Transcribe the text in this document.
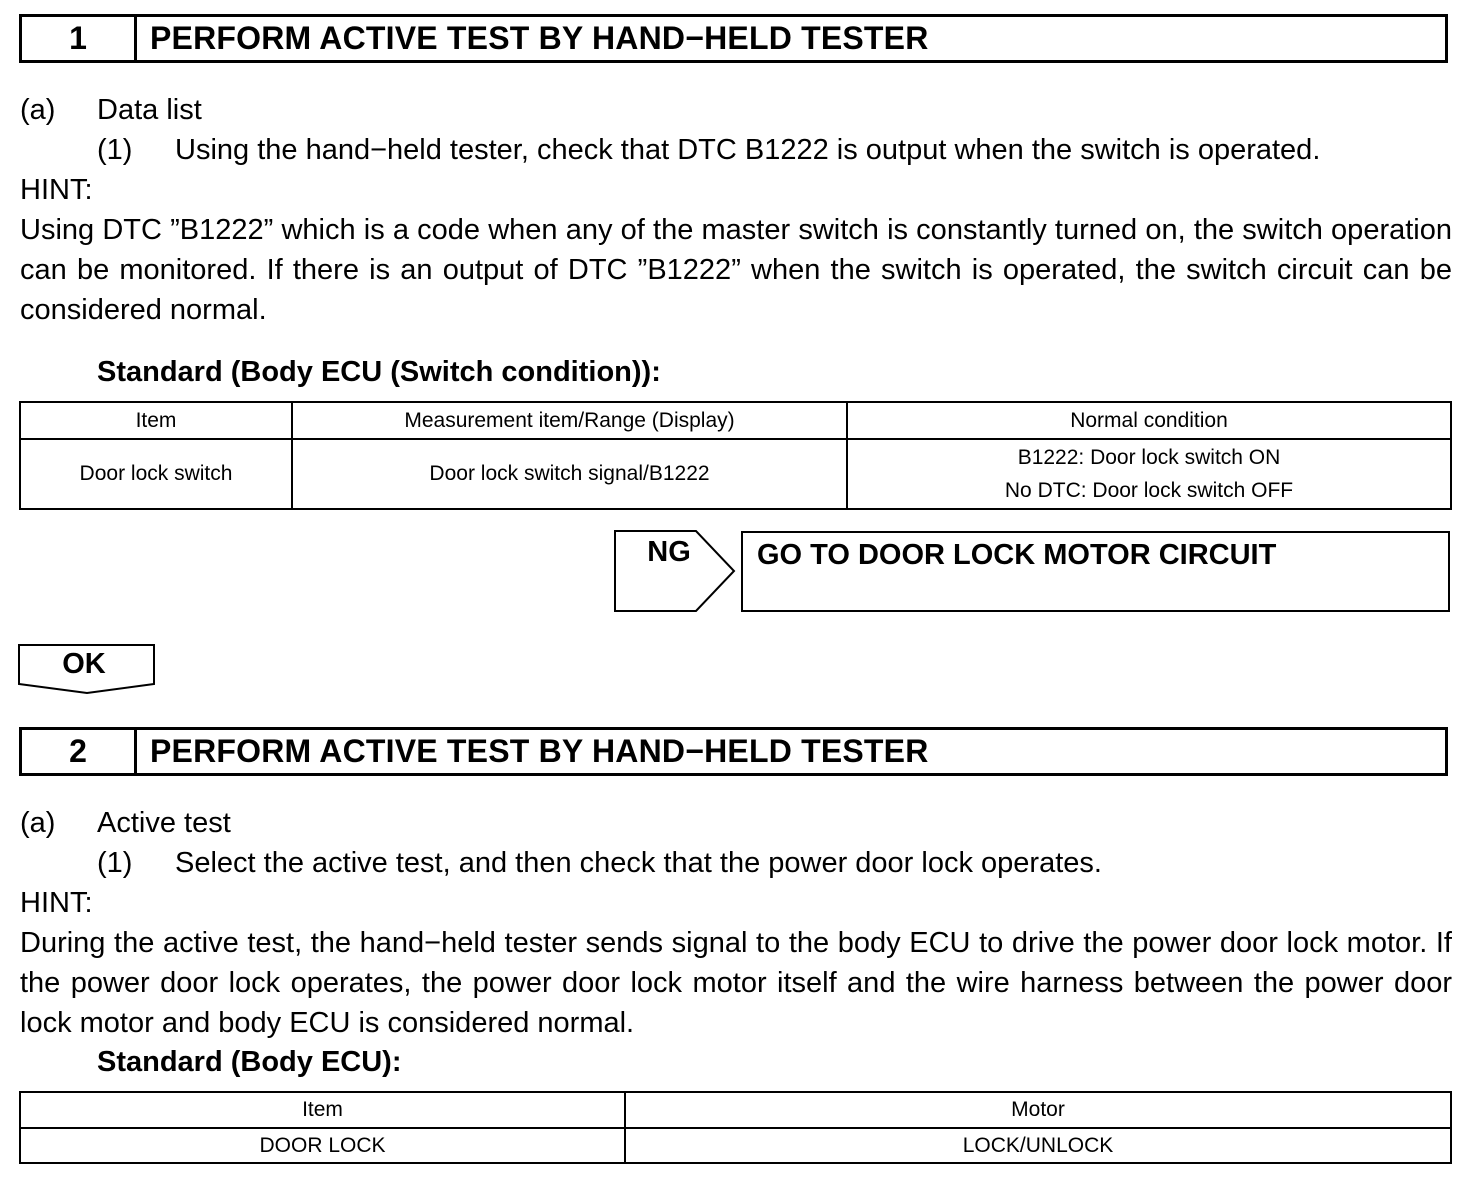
1	PERFORM ACTIVE TEST BY HAND−HELD TESTER
(a) Data list
(1) Using the hand−held tester, check that DTC B1222 is output when the switch is operated.
HINT:
Using DTC ”B1222” which is a code when any of the master switch is constantly turned on, the switch operation can be monitored. If there is an output of DTC ”B1222” when the switch is operated, the switch circuit can be considered normal.
Standard (Body ECU (Switch condition)):
Item	Measurement item/Range (Display)	Normal condition
Door lock switch	Door lock switch signal/B1222	B1222: Door lock switch ON
No DTC: Door lock switch OFF
NG	GO TO DOOR LOCK MOTOR CIRCUIT
OK
2	PERFORM ACTIVE TEST BY HAND−HELD TESTER
(a) Active test
(1) Select the active test, and then check that the power door lock operates.
HINT:
During the active test, the hand−held tester sends signal to the body ECU to drive the power door lock motor. If the power door lock operates, the power door lock motor itself and the wire harness between the power door lock motor and body ECU is considered normal.
Standard (Body ECU):
Item	Motor
DOOR LOCK	LOCK/UNLOCK
